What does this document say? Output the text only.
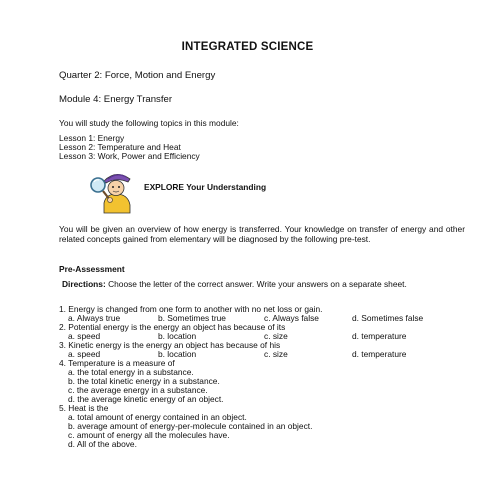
INTEGRATED SCIENCE
Quarter 2: Force, Motion and Energy
Module 4: Energy Transfer
You will study the following topics in this module:
Lesson 1: Energy
Lesson 2: Temperature and Heat
Lesson 3: Work, Power and Efficiency
EXPLORE Your Understanding
You will be given an overview of how energy is transferred. Your knowledge on transfer of energy and other related concepts gained from elementary will be diagnosed by the following pre-test.
Pre-Assessment
Directions: Choose the letter of the correct answer. Write your answers on a separate sheet.
1. Energy is changed from one form to another with no net loss or gain.
a. Always true	b. Sometimes true	c. Always false	d. Sometimes false
2. Potential energy is the energy an object has because of its
a. speed	b. location	c. size	d. temperature
3. Kinetic energy is the energy an object has because of his
a. speed	b. location	c. size	d. temperature
4. Temperature is a measure of
a. the total energy in a substance.
b. the total kinetic energy in a substance.
c. the average energy in a substance.
d. the average kinetic energy of an object.
5. Heat is the
a. total amount of energy contained in an object.
b. average amount of energy-per-molecule contained in an object.
c. amount of energy all the molecules have.
d. All of the above.
